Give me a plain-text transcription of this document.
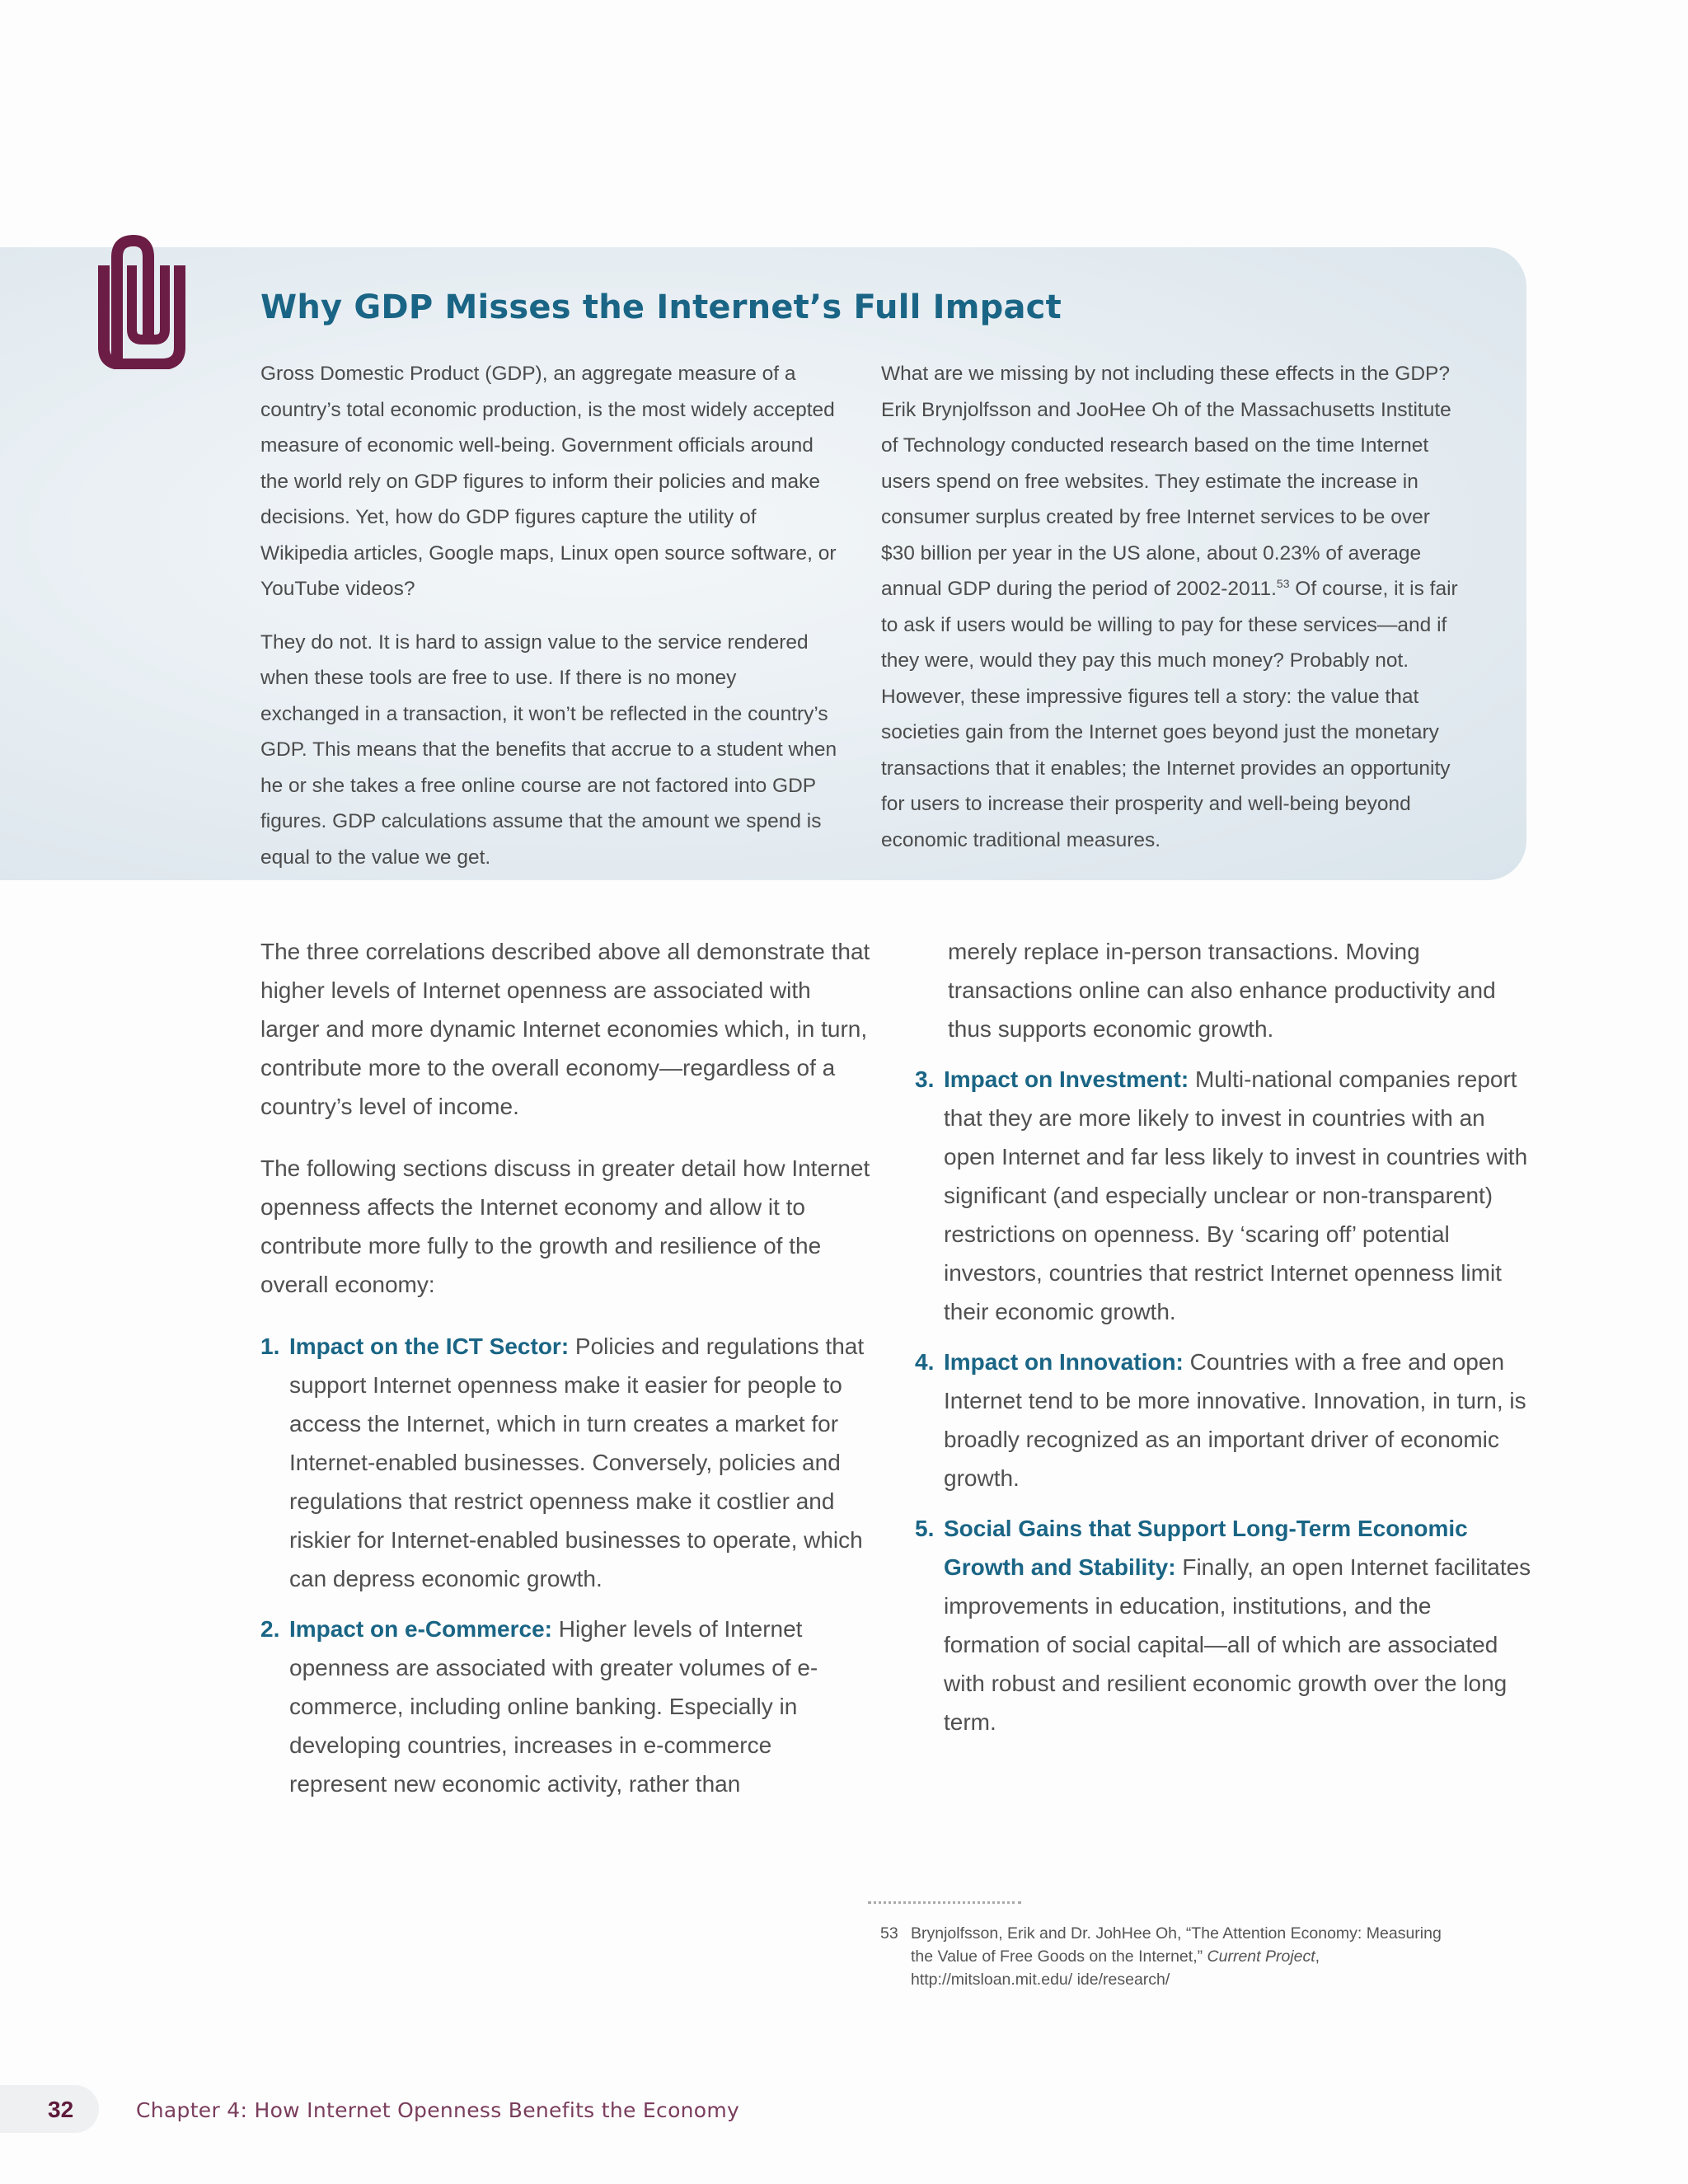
Why GDP Misses the Internet’s Full Impact

Gross Domestic Product (GDP), an aggregate measure of a country’s total economic production, is the most widely accepted measure of economic well-being. Government officials around the world rely on GDP figures to inform their policies and make decisions. Yet, how do GDP figures capture the utility of Wikipedia articles, Google maps, Linux open source software, or YouTube videos?

They do not. It is hard to assign value to the service rendered when these tools are free to use. If there is no money exchanged in a transaction, it won’t be reflected in the country’s GDP. This means that the benefits that accrue to a student when he or she takes a free online course are not factored into GDP figures. GDP calculations assume that the amount we spend is equal to the value we get.

What are we missing by not including these effects in the GDP? Erik Brynjolfsson and JooHee Oh of the Massachusetts Institute of Technology conducted research based on the time Internet users spend on free websites. They estimate the increase in consumer surplus created by free Internet services to be over $30 billion per year in the US alone, about 0.23% of average annual GDP during the period of 2002-2011.53 Of course, it is fair to ask if users would be willing to pay for these services—and if they were, would they pay this much money? Probably not. However, these impressive figures tell a story: the value that societies gain from the Internet goes beyond just the monetary transactions that it enables; the Internet provides an opportunity for users to increase their prosperity and well-being beyond economic traditional measures.

The three correlations described above all demonstrate that higher levels of Internet openness are associated with larger and more dynamic Internet economies which, in turn, contribute more to the overall economy—regardless of a country’s level of income.

The following sections discuss in greater detail how Internet openness affects the Internet economy and allow it to contribute more fully to the growth and resilience of the overall economy:

1. Impact on the ICT Sector: Policies and regulations that support Internet openness make it easier for people to access the Internet, which in turn creates a market for Internet-enabled businesses. Conversely, policies and regulations that restrict openness make it costlier and riskier for Internet-enabled businesses to operate, which can depress economic growth.
2. Impact on e-Commerce: Higher levels of Internet openness are associated with greater volumes of e-commerce, including online banking. Especially in developing countries, increases in e-commerce represent new economic activity, rather than

merely replace in-person transactions. Moving transactions online can also enhance productivity and thus supports economic growth.

3. Impact on Investment: Multi-national companies report that they are more likely to invest in countries with an open Internet and far less likely to invest in countries with significant (and especially unclear or non-transparent) restrictions on openness. By ‘scaring off’ potential investors, countries that restrict Internet openness limit their economic growth.
4. Impact on Innovation: Countries with a free and open Internet tend to be more innovative. Innovation, in turn, is broadly recognized as an important driver of economic growth.
5. Social Gains that Support Long-Term Economic Growth and Stability: Finally, an open Internet facilitates improvements in education, institutions, and the formation of social capital—all of which are associated with robust and resilient economic growth over the long term.
53 Brynjolfsson, Erik and Dr. JohHee Oh, “The Attention Economy: Measuring the Value of Free Goods on the Internet,” Current Project, http://mitsloan.mit.edu/ ide/research/
32	Chapter 4: How Internet Openness Benefits the Economy
